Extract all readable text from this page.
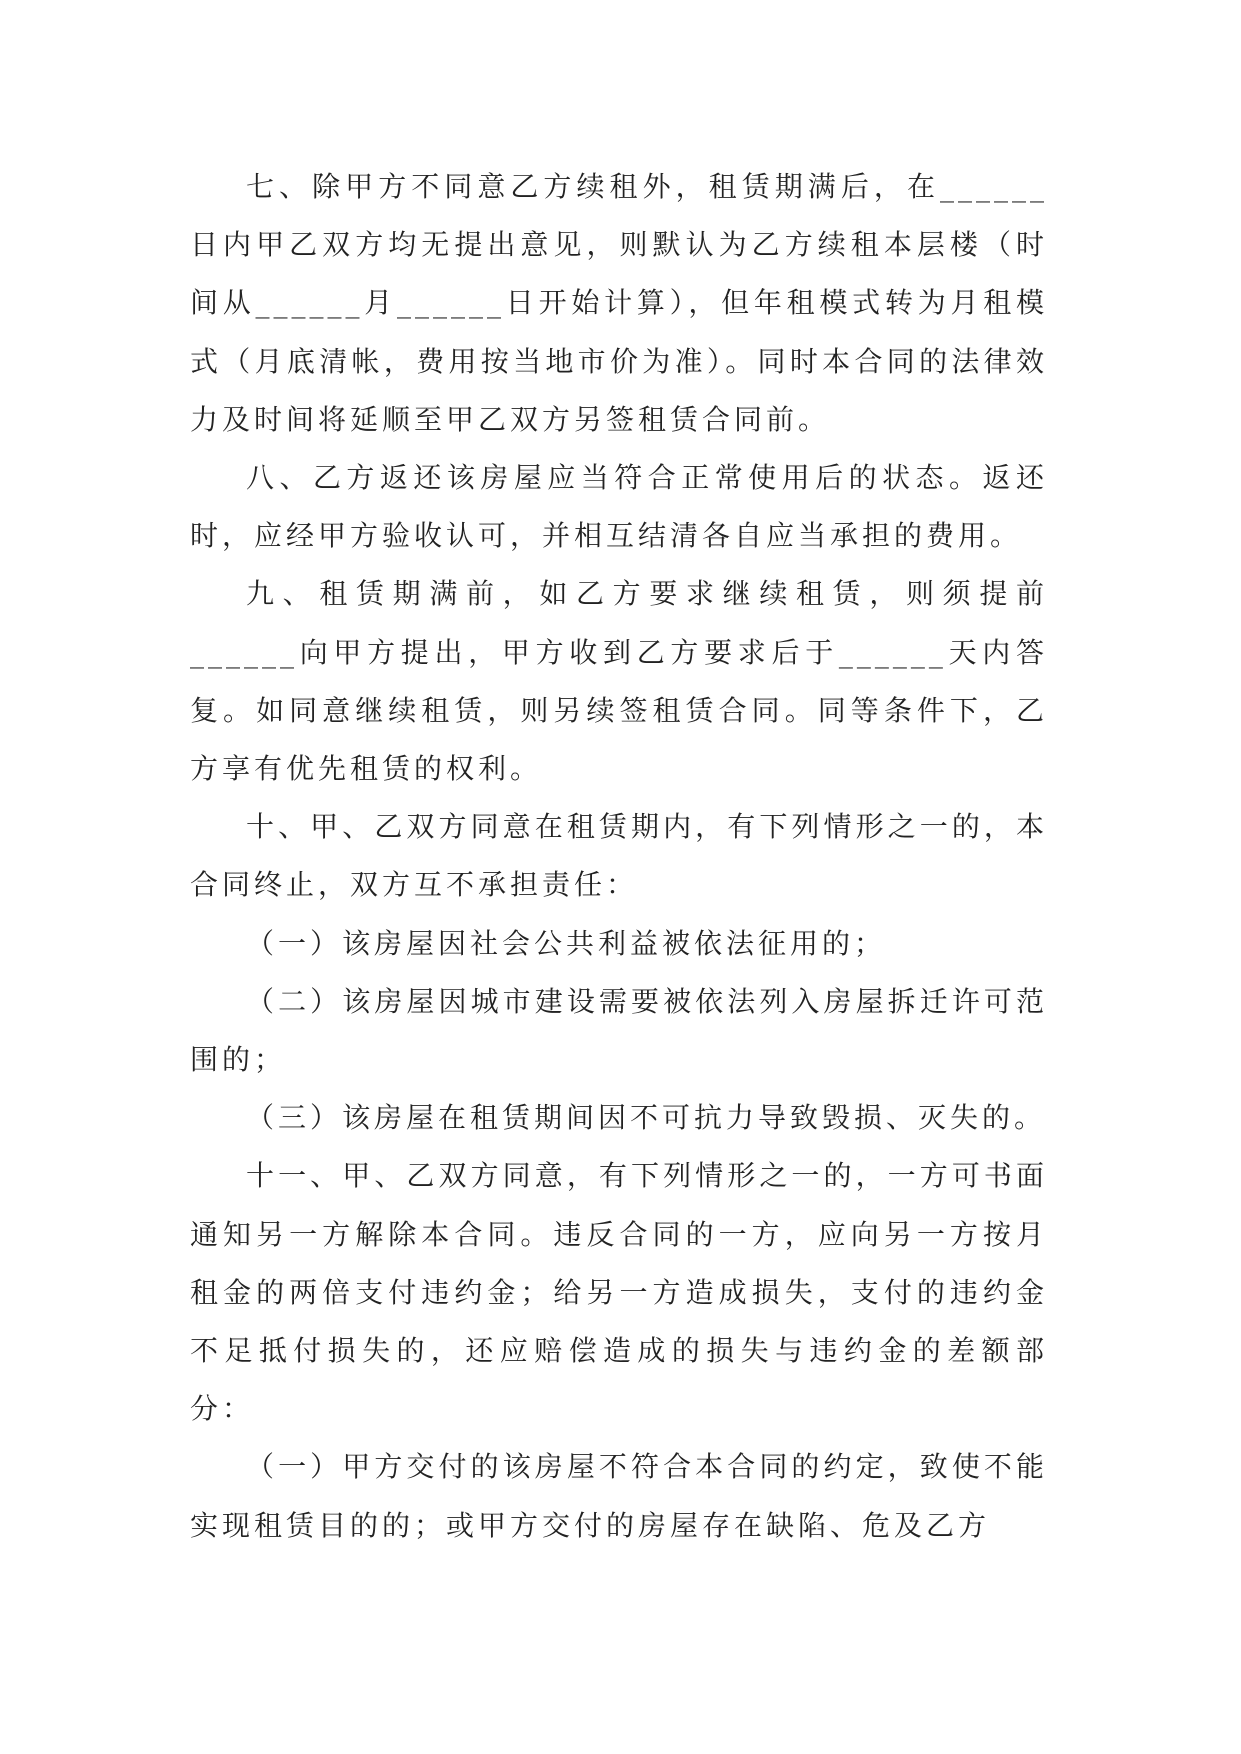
七、除甲方不同意乙方续租外，租赁期满后，在______日内甲乙双方均无提出意见，则默认为乙方续租本层楼（时间从______月______日开始计算），但年租模式转为月租模式（月底清帐，费用按当地市价为准）。同时本合同的法律效力及时间将延顺至甲乙双方另签租赁合同前。

八、乙方返还该房屋应当符合正常使用后的状态。返还时，应经甲方验收认可，并相互结清各自应当承担的费用。

九、租赁期满前，如乙方要求继续租赁，则须提前______向甲方提出，甲方收到乙方要求后于______天内答复。如同意继续租赁，则另续签租赁合同。同等条件下，乙方享有优先租赁的权利。

十、甲、乙双方同意在租赁期内，有下列情形之一的，本合同终止，双方互不承担责任：

（一）该房屋因社会公共利益被依法征用的；

（二）该房屋因城市建设需要被依法列入房屋拆迁许可范围的；

（三）该房屋在租赁期间因不可抗力导致毁损、灭失的。

十一、甲、乙双方同意，有下列情形之一的，一方可书面通知另一方解除本合同。违反合同的一方，应向另一方按月租金的两倍支付违约金；给另一方造成损失，支付的违约金不足抵付损失的，还应赔偿造成的损失与违约金的差额部分：

（一）甲方交付的该房屋不符合本合同的约定，致使不能实现租赁目的的；或甲方交付的房屋存在缺陷、危及乙方
